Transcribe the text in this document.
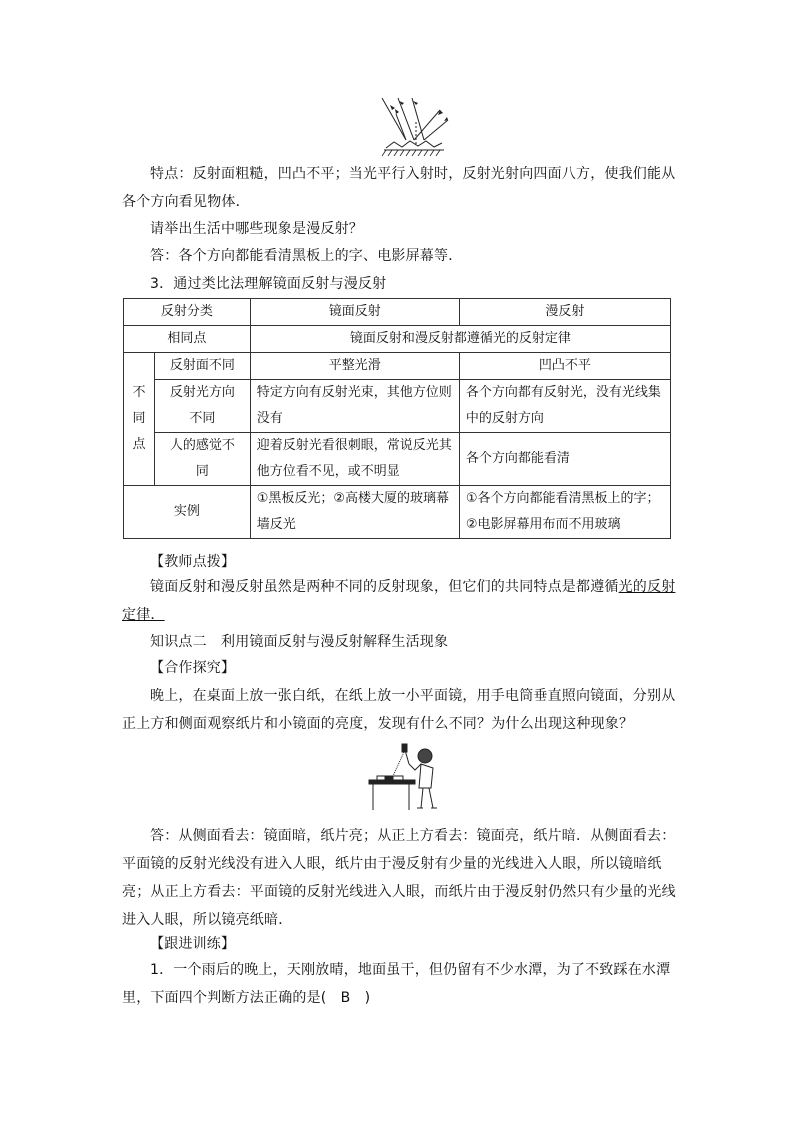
特点：反射面粗糙，凹凸不平；当光平行入射时，反射光射向四面八方，使我们能从各个方向看见物体．
请举出生活中哪些现象是漫反射？
答：各个方向都能看清黑板上的字、电影屏幕等．
3．通过类比法理解镜面反射与漫反射
反射分类		镜面反射	漫反射
相同点		镜面反射和漫反射都遵循光的反射定律	
不同点	反射面不同	平整光滑	凹凸不平
	反射光方向不同	特定方向有反射光束，其他方位则没有	各个方向都有反射光，没有光线集中的反射方向
	人的感觉不同	迎着反射光看很刺眼，常说反光其他方位看不见，或不明显	各个方向都能看清
实例		①黑板反光；②高楼大厦的玻璃幕墙反光	①各个方向都能看清黑板上的字；②电影屏幕用布而不用玻璃
【教师点拨】
镜面反射和漫反射虽然是两种不同的反射现象，但它们的共同特点是都遵循光的反射定律．
知识点二　利用镜面反射与漫反射解释生活现象
【合作探究】
晚上，在桌面上放一张白纸，在纸上放一小平面镜，用手电筒垂直照向镜面，分别从正上方和侧面观察纸片和小镜面的亮度，发现有什么不同？为什么出现这种现象？
答：从侧面看去：镜面暗，纸片亮；从正上方看去：镜面亮，纸片暗．从侧面看去：平面镜的反射光线没有进入人眼，纸片由于漫反射有少量的光线进入人眼，所以镜暗纸亮；从正上方看去：平面镜的反射光线进入人眼，而纸片由于漫反射仍然只有少量的光线进入人眼，所以镜亮纸暗．
【跟进训练】
1．一个雨后的晚上，天刚放晴，地面虽干，但仍留有不少水潭，为了不致踩在水潭里，下面四个判断方法正确的是(　B　)
